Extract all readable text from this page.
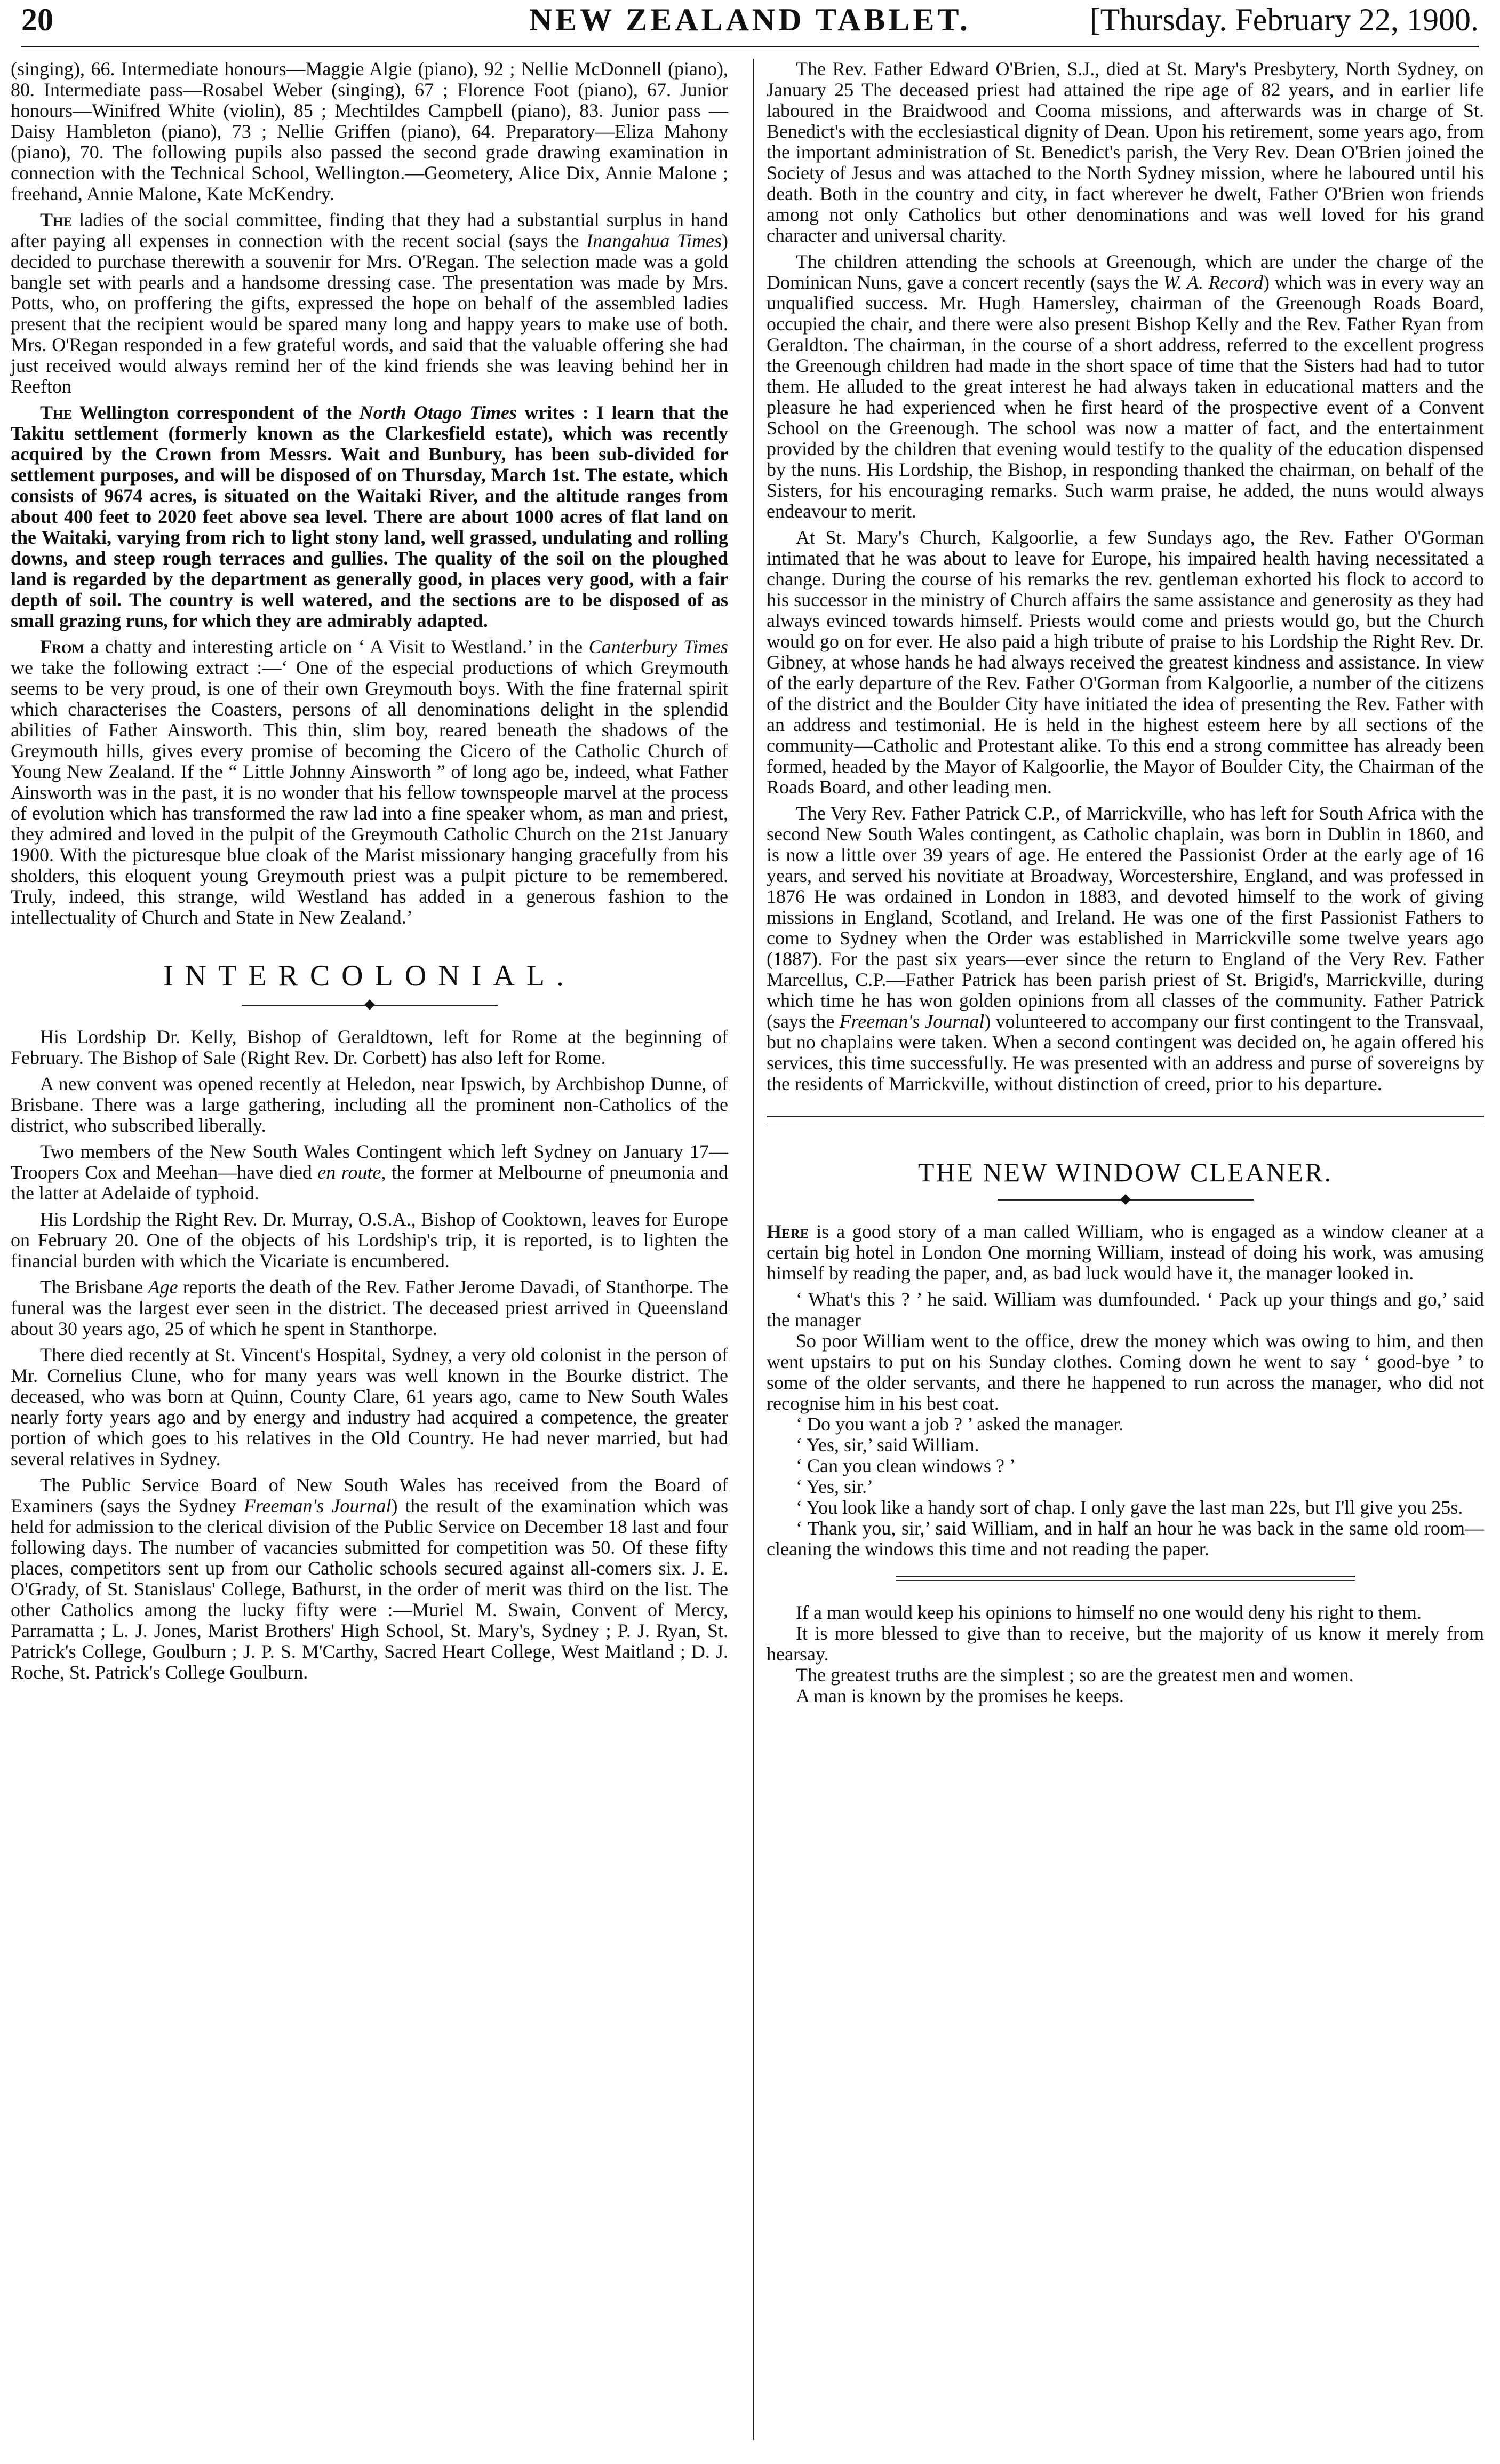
20	NEW ZEALAND TABLET.	[Thursday. February 22, 1900.

(singing), 66. Intermediate honours—Maggie Algie (piano), 92 ; Nellie McDonnell (piano), 80. Intermediate pass—Rosabel Weber (singing), 67 ; Florence Foot (piano), 67. Junior honours—Winifred White (violin), 85 ; Mechtildes Campbell (piano), 83. Junior pass —Daisy Hambleton (piano), 73 ; Nellie Griffen (piano), 64. Preparatory—Eliza Mahony (piano), 70. The following pupils also passed the second grade drawing examination in connection with the Technical School, Wellington.—Geometery, Alice Dix, Annie Malone ; freehand, Annie Malone, Kate McKendry.

The ladies of the social committee, finding that they had a substantial surplus in hand after paying all expenses in connection with the recent social (says the Inangahua Times) decided to purchase therewith a souvenir for Mrs. O'Regan. The selection made was a gold bangle set with pearls and a handsome dressing case. The presentation was made by Mrs. Potts, who, on proffering the gifts, expressed the hope on behalf of the assembled ladies present that the recipient would be spared many long and happy years to make use of both. Mrs. O'Regan responded in a few grateful words, and said that the valuable offering she had just received would always remind her of the kind friends she was leaving behind her in Reefton

The Wellington correspondent of the North Otago Times writes : I learn that the Takitu settlement (formerly known as the Clarkesfield estate), which was recently acquired by the Crown from Messrs. Wait and Bunbury, has been sub-divided for settlement purposes, and will be disposed of on Thursday, March 1st. The estate, which consists of 9674 acres, is situated on the Waitaki River, and the altitude ranges from about 400 feet to 2020 feet above sea level. There are about 1000 acres of flat land on the Waitaki, varying from rich to light stony land, well grassed, undulating and rolling downs, and steep rough terraces and gullies. The quality of the soil on the ploughed land is regarded by the department as generally good, in places very good, with a fair depth of soil. The country is well watered, and the sections are to be disposed of as small grazing runs, for which they are admirably adapted.

From a chatty and interesting article on ‘ A Visit to Westland.’ in the Canterbury Times we take the following extract :—‘ One of the especial productions of which Greymouth seems to be very proud, is one of their own Greymouth boys. With the fine fraternal spirit which characterises the Coasters, persons of all denominations delight in the splendid abilities of Father Ainsworth. This thin, slim boy, reared beneath the shadows of the Greymouth hills, gives every promise of becoming the Cicero of the Catholic Church of Young New Zealand. If the “ Little Johnny Ainsworth ” of long ago be, indeed, what Father Ainsworth was in the past, it is no wonder that his fellow townspeople marvel at the process of evolution which has transformed the raw lad into a fine speaker whom, as man and priest, they admired and loved in the pulpit of the Greymouth Catholic Church on the 21st January 1900. With the picturesque blue cloak of the Marist missionary hanging gracefully from his sholders, this eloquent young Greymouth priest was a pulpit picture to be remembered. Truly, indeed, this strange, wild Westland has added in a generous fashion to the intellectuality of Church and State in New Zealand.’

INTERCOLONIAL.

His Lordship Dr. Kelly, Bishop of Geraldtown, left for Rome at the beginning of February. The Bishop of Sale (Right Rev. Dr. Corbett) has also left for Rome.

A new convent was opened recently at Heledon, near Ipswich, by Archbishop Dunne, of Brisbane. There was a large gathering, including all the prominent non-Catholics of the district, who subscribed liberally.

Two members of the New South Wales Contingent which left Sydney on January 17—Troopers Cox and Meehan—have died en route, the former at Melbourne of pneumonia and the latter at Adelaide of typhoid.

His Lordship the Right Rev. Dr. Murray, O.S.A., Bishop of Cooktown, leaves for Europe on February 20. One of the objects of his Lordship's trip, it is reported, is to lighten the financial burden with which the Vicariate is encumbered.

The Brisbane Age reports the death of the Rev. Father Jerome Davadi, of Stanthorpe. The funeral was the largest ever seen in the district. The deceased priest arrived in Queensland about 30 years ago, 25 of which he spent in Stanthorpe.

There died recently at St. Vincent's Hospital, Sydney, a very old colonist in the person of Mr. Cornelius Clune, who for many years was well known in the Bourke district. The deceased, who was born at Quinn, County Clare, 61 years ago, came to New South Wales nearly forty years ago and by energy and industry had acquired a competence, the greater portion of which goes to his relatives in the Old Country. He had never married, but had several relatives in Sydney.

The Public Service Board of New South Wales has received from the Board of Examiners (says the Sydney Freeman's Journal) the result of the examination which was held for admission to the clerical division of the Public Service on December 18 last and four following days. The number of vacancies submitted for competition was 50. Of these fifty places, competitors sent up from our Catholic schools secured against all-comers six. J. E. O'Grady, of St. Stanislaus' College, Bathurst, in the order of merit was third on the list. The other Catholics among the lucky fifty were :—Muriel M. Swain, Convent of Mercy, Parramatta ; L. J. Jones, Marist Brothers' High School, St. Mary's, Sydney ; P. J. Ryan, St. Patrick's College, Goulburn ; J. P. S. M'Carthy, Sacred Heart College, West Maitland ; D. J. Roche, St. Patrick's College Goulburn.

The Rev. Father Edward O'Brien, S.J., died at St. Mary's Presbytery, North Sydney, on January 25 The deceased priest had attained the ripe age of 82 years, and in earlier life laboured in the Braidwood and Cooma missions, and afterwards was in charge of St. Benedict's with the ecclesiastical dignity of Dean. Upon his retirement, some years ago, from the important administration of St. Benedict's parish, the Very Rev. Dean O'Brien joined the Society of Jesus and was attached to the North Sydney mission, where he laboured until his death. Both in the country and city, in fact wherever he dwelt, Father O'Brien won friends among not only Catholics but other denominations and was well loved for his grand character and universal charity.

The children attending the schools at Greenough, which are under the charge of the Dominican Nuns, gave a concert recently (says the W. A. Record) which was in every way an unqualified success. Mr. Hugh Hamersley, chairman of the Greenough Roads Board, occupied the chair, and there were also present Bishop Kelly and the Rev. Father Ryan from Geraldton. The chairman, in the course of a short address, referred to the excellent progress the Greenough children had made in the short space of time that the Sisters had had to tutor them. He alluded to the great interest he had always taken in educational matters and the pleasure he had experienced when he first heard of the prospective event of a Convent School on the Greenough. The school was now a matter of fact, and the entertainment provided by the children that evening would testify to the quality of the education dispensed by the nuns. His Lordship, the Bishop, in responding thanked the chairman, on behalf of the Sisters, for his encouraging remarks. Such warm praise, he added, the nuns would always endeavour to merit.

At St. Mary's Church, Kalgoorlie, a few Sundays ago, the Rev. Father O'Gorman intimated that he was about to leave for Europe, his impaired health having necessitated a change. During the course of his remarks the rev. gentleman exhorted his flock to accord to his successor in the ministry of Church affairs the same assistance and generosity as they had always evinced towards himself. Priests would come and priests would go, but the Church would go on for ever. He also paid a high tribute of praise to his Lordship the Right Rev. Dr. Gibney, at whose hands he had always received the greatest kindness and assistance. In view of the early departure of the Rev. Father O'Gorman from Kalgoorlie, a number of the citizens of the district and the Boulder City have initiated the idea of presenting the Rev. Father with an address and testimonial. He is held in the highest esteem here by all sections of the community—Catholic and Protestant alike. To this end a strong committee has already been formed, headed by the Mayor of Kalgoorlie, the Mayor of Boulder City, the Chairman of the Roads Board, and other leading men.

The Very Rev. Father Patrick C.P., of Marrickville, who has left for South Africa with the second New South Wales contingent, as Catholic chaplain, was born in Dublin in 1860, and is now a little over 39 years of age. He entered the Passionist Order at the early age of 16 years, and served his novitiate at Broadway, Worcestershire, England, and was professed in 1876 He was ordained in London in 1883, and devoted himself to the work of giving missions in England, Scotland, and Ireland. He was one of the first Passionist Fathers to come to Sydney when the Order was established in Marrickville some twelve years ago (1887). For the past six years—ever since the return to England of the Very Rev. Father Marcellus, C.P.—Father Patrick has been parish priest of St. Brigid's, Marrickville, during which time he has won golden opinions from all classes of the community. Father Patrick (says the Freeman's Journal) volunteered to accompany our first contingent to the Transvaal, but no chaplains were taken. When a second contingent was decided on, he again offered his services, this time successfully. He was presented with an address and purse of sovereigns by the residents of Marrickville, without distinction of creed, prior to his departure.

THE NEW WINDOW CLEANER.

Here is a good story of a man called William, who is engaged as a window cleaner at a certain big hotel in London One morning William, instead of doing his work, was amusing himself by reading the paper, and, as bad luck would have it, the manager looked in.

‘ What's this ? ’ he said. William was dumfounded. ‘ Pack up your things and go,’ said the manager

So poor William went to the office, drew the money which was owing to him, and then went upstairs to put on his Sunday clothes. Coming down he went to say ‘ good-bye ’ to some of the older servants, and there he happened to run across the manager, who did not recognise him in his best coat.

‘ Do you want a job ? ’ asked the manager.

‘ Yes, sir,’ said William.

‘ Can you clean windows ? ’

‘ Yes, sir.’

‘ You look like a handy sort of chap. I only gave the last man 22s, but I'll give you 25s.

‘ Thank you, sir,’ said William, and in half an hour he was back in the same old room—cleaning the windows this time and not reading the paper.

If a man would keep his opinions to himself no one would deny his right to them.

It is more blessed to give than to receive, but the majority of us know it merely from hearsay.

The greatest truths are the simplest ; so are the greatest men and women.

A man is known by the promises he keeps.
